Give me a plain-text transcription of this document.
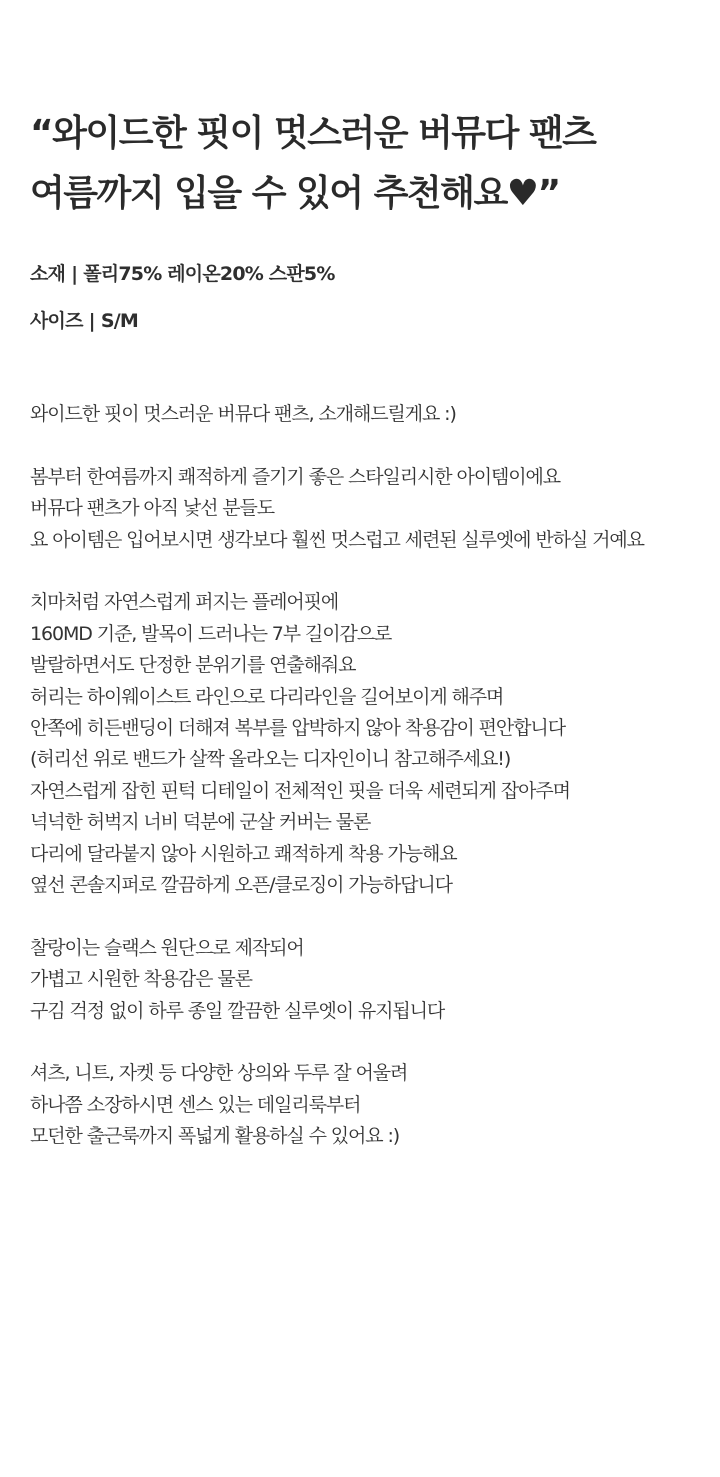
“와이드한 핏이 멋스러운 버뮤다 팬츠
여름까지 입을 수 있어 추천해요♥”
소재 | 폴리75% 레이온20% 스판5%
사이즈 | S/M

와이드한 핏이 멋스러운 버뮤다 팬츠, 소개해드릴게요 :)

봄부터 한여름까지 쾌적하게 즐기기 좋은 스타일리시한 아이템이에요
버뮤다 팬츠가 아직 낯선 분들도
요 아이템은 입어보시면 생각보다 훨씬 멋스럽고 세련된 실루엣에 반하실 거예요

치마처럼 자연스럽게 퍼지는 플레어핏에
160MD 기준, 발목이 드러나는 7부 길이감으로
발랄하면서도 단정한 분위기를 연출해줘요
허리는 하이웨이스트 라인으로 다리라인을 길어보이게 해주며
안쪽에 히든밴딩이 더해져 복부를 압박하지 않아 착용감이 편안합니다
(허리선 위로 밴드가 살짝 올라오는 디자인이니 참고해주세요!)
자연스럽게 잡힌 핀턱 디테일이 전체적인 핏을 더욱 세련되게 잡아주며
넉넉한 허벅지 너비 덕분에 군살 커버는 물론
다리에 달라붙지 않아 시원하고 쾌적하게 착용 가능해요
옆선 콘솔지퍼로 깔끔하게 오픈/클로징이 가능하답니다

찰랑이는 슬랙스 원단으로 제작되어
가볍고 시원한 착용감은 물론
구김 걱정 없이 하루 종일 깔끔한 실루엣이 유지됩니다

셔츠, 니트, 자켓 등 다양한 상의와 두루 잘 어울려
하나쯤 소장하시면 센스 있는 데일리룩부터
모던한 출근룩까지 폭넓게 활용하실 수 있어요 :)
